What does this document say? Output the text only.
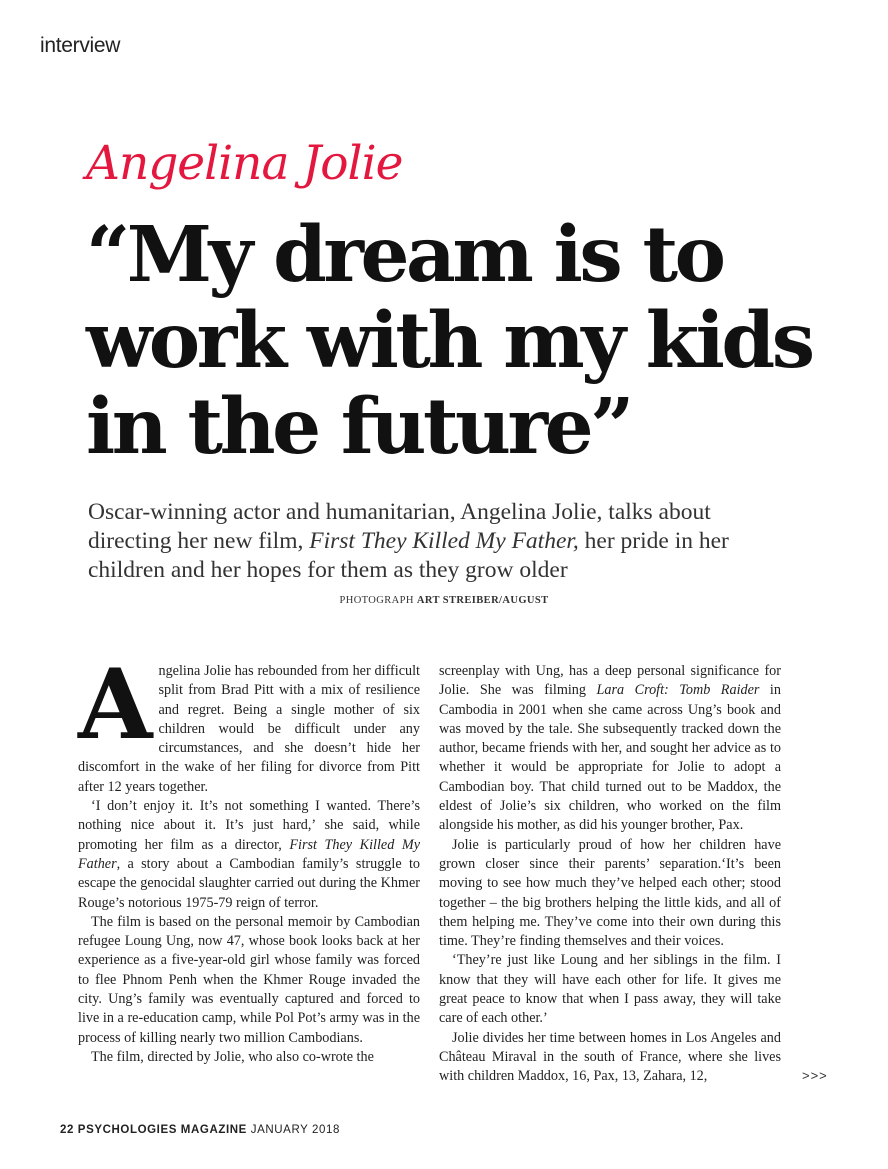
interview
Angelina Jolie
“My dream is to work with my kids in the future”

Oscar-winning actor and humanitarian, Angelina Jolie, talks about directing her new film, First They Killed My Father, her pride in her children and her hopes for them as they grow older

PHOTOGRAPH ART STREIBER/AUGUST

Angelina Jolie has rebounded from her difficult split from Brad Pitt with a mix of resilience and regret. Being a single mother of six children would be difficult under any circumstances, and she doesn’t hide her discomfort in the wake of her filing for divorce from Pitt after 12 years together.

‘I don’t enjoy it. It’s not something I wanted. There’s nothing nice about it. It’s just hard,’ she said, while promoting her film as a director, First They Killed My Father, a story about a Cambodian family’s struggle to escape the genocidal slaughter carried out during the Khmer Rouge’s notorious 1975-79 reign of terror.

The film is based on the personal memoir by Cambodian refugee Loung Ung, now 47, whose book looks back at her experience as a five-year-old girl whose family was forced to flee Phnom Penh when the Khmer Rouge invaded the city. Ung’s family was eventually captured and forced to live in a re-education camp, while Pol Pot’s army was in the process of killing nearly two million Cambodians.

The film, directed by Jolie, who also co-wrote the

screenplay with Ung, has a deep personal significance for Jolie. She was filming Lara Croft: Tomb Raider in Cambodia in 2001 when she came across Ung’s book and was moved by the tale. She subsequently tracked down the author, became friends with her, and sought her advice as to whether it would be appropriate for Jolie to adopt a Cambodian boy. That child turned out to be Maddox, the eldest of Jolie’s six children, who worked on the film alongside his mother, as did his younger brother, Pax.

Jolie is particularly proud of how her children have grown closer since their parents’ separation.‘It’s been moving to see how much they’ve helped each other; stood together – the big brothers helping the little kids, and all of them helping me. They’ve come into their own during this time. They’re finding themselves and their voices.

‘They’re just like Loung and her siblings in the film. I know that they will have each other for life. It gives me great peace to know that when I pass away, they will take care of each other.’

Jolie divides her time between homes in Los Angeles and Château Miraval in the south of France, where she lives with children Maddox, 16, Pax, 13, Zahara, 12,	>>>
22 PSYCHOLOGIES MAGAZINE JANUARY 2018
